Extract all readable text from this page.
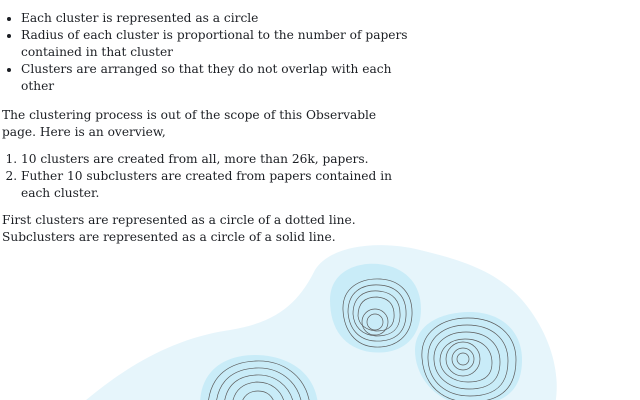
• Each cluster is represented as a circle
• Radius of each cluster is proportional to the number of papers contained in that cluster
• Clusters are arranged so that they do not overlap with each other

The clustering process is out of the scope of this Observable page. Here is an overview,

1. 10 clusters are created from all, more than 26k, papers.
2. Futher 10 subclusters are created from papers contained in each cluster.

First clusters are represented as a circle of a dotted line. Subclusters are represented as a circle of a solid line.
